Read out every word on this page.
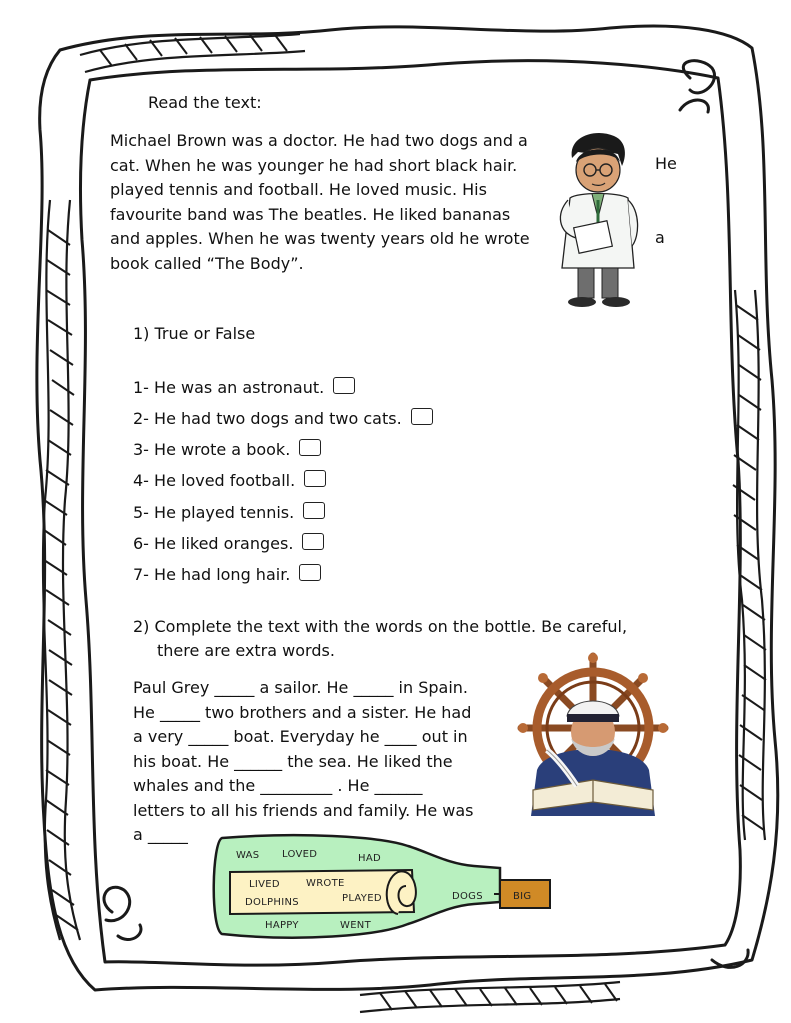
Read the text:
Michael Brown was a doctor. He had two dogs and a
cat. When he was younger he had short black hair.
played tennis and football. He loved music. His
favourite band was The beatles. He liked bananas
and apples. When he was twenty years old he wrote
book called “The Body”.
He
a
1) True or False
1- He was an astronaut.
2- He had two dogs and two cats.
3- He wrote a book.
4- He loved football.
5- He played tennis.
6- He liked oranges.
7- He had long hair.
2) Complete the text with the words on the bottle. Be careful,
there are extra words.
Paul Grey _____ a sailor. He _____ in Spain.
He _____ two brothers and a sister. He had
a very _____ boat. Everyday he ____ out in
his boat. He ______ the sea. He liked the
whales and the _________ . He ______
letters to all his friends and family. He was
a _____
WAS LOVED	HAD
LIVED	WROTE
PLAYED
DOLPHINS
HAPPY	WENT
DOGS	BIG
